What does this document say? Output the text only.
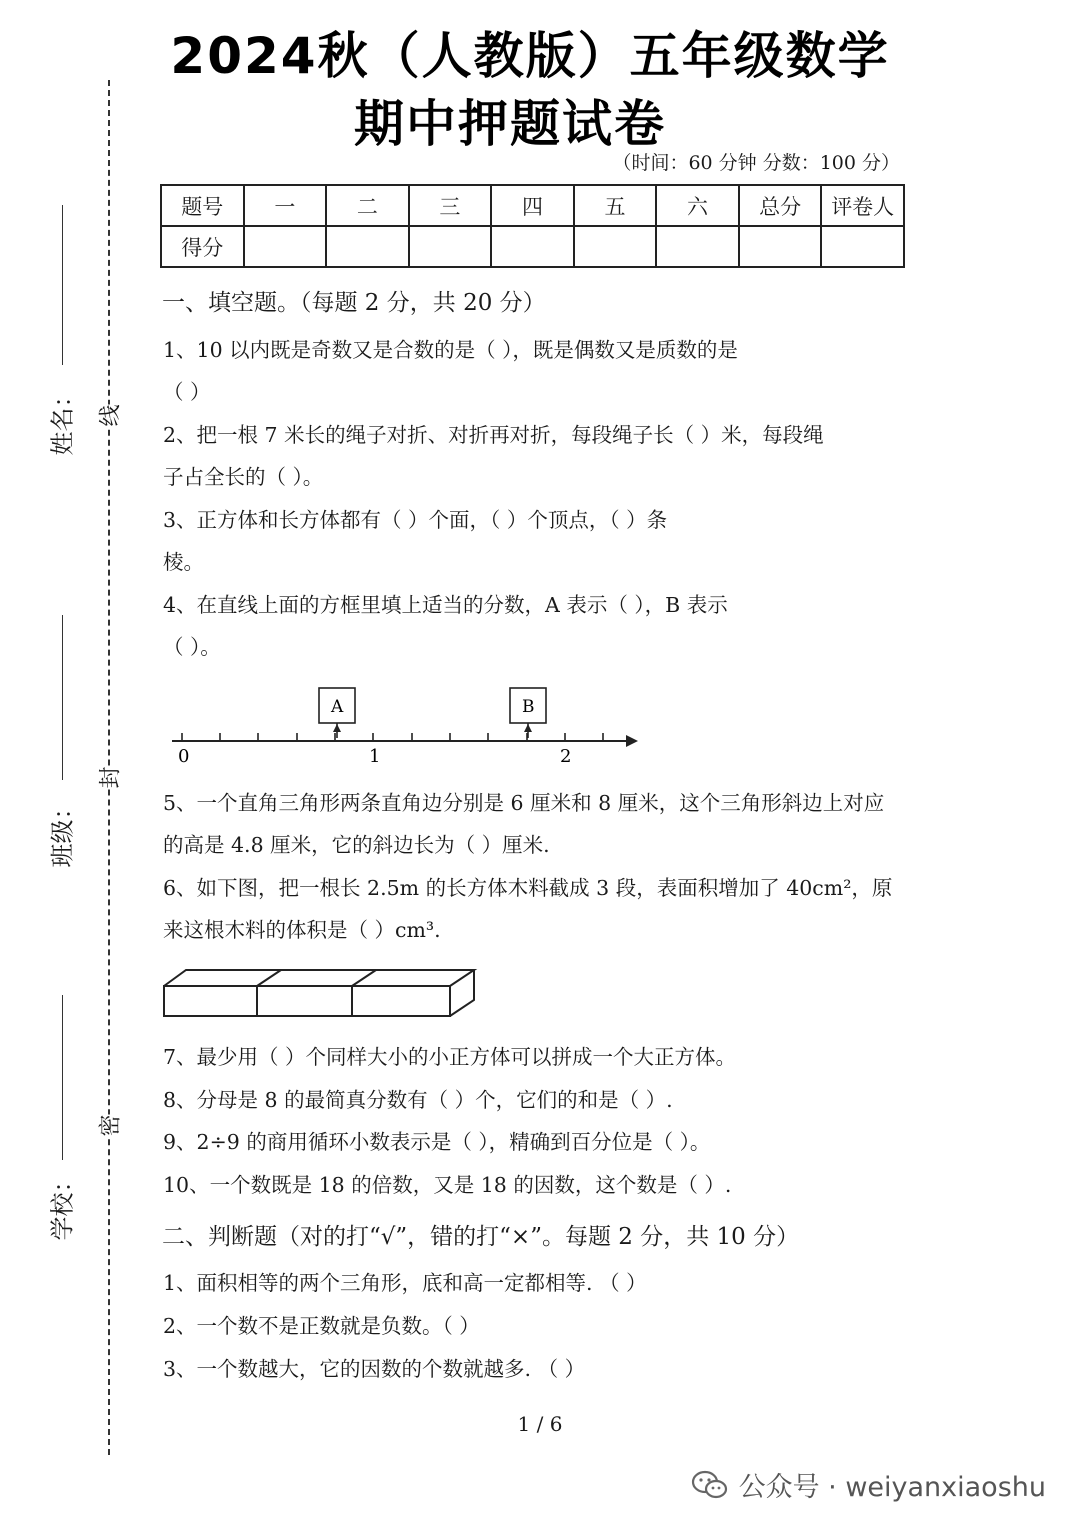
2024秋（人教版）五年级数学
期中押题试卷
（时间：60 分钟 分数：100 分）
线
封
密
姓名：
班级：
学校：
题号	一	二	三	四	五	六	总分	评卷人
得分								
一、填空题。（每题 2 分，共 20 分）
1、10 以内既是奇数又是合数的是（ ），既是偶数又是质数的是
（ ）
2、把一根 7 米长的绳子对折、对折再对折，每段绳子长（ ）米，每段绳
子占全长的（ ）。
3、正方体和长方体都有（ ）个面，（ ）个顶点，（ ）条
棱。
4、在直线上面的方框里填上适当的分数，A 表示（ ），B 表示
（ ）。
0	1	2
A	B
5、一个直角三角形两条直角边分别是 6 厘米和 8 厘米，这个三角形斜边上对应
的高是 4.8 厘米，它的斜边长为（ ）厘米.
6、如下图，把一根长 2.5m 的长方体木料截成 3 段，表面积增加了 40cm²，原
来这根木料的体积是（ ）cm³.
7、最少用（ ）个同样大小的小正方体可以拼成一个大正方体。
8、分母是 8 的最简真分数有（ ）个，它们的和是（ ）.
9、2÷9 的商用循环小数表示是（ ），精确到百分位是（ ）。
10、一个数既是 18 的倍数，又是 18 的因数，这个数是（ ）.
二、判断题（对的打“√”，错的打“×”。每题 2 分，共 10 分）
1、面积相等的两个三角形，底和高一定都相等. （ ）
2、一个数不是正数就是负数。（ ）
3、一个数越大，它的因数的个数就越多. （ ）
1 / 6
公众号 · weiyanxiaoshu
